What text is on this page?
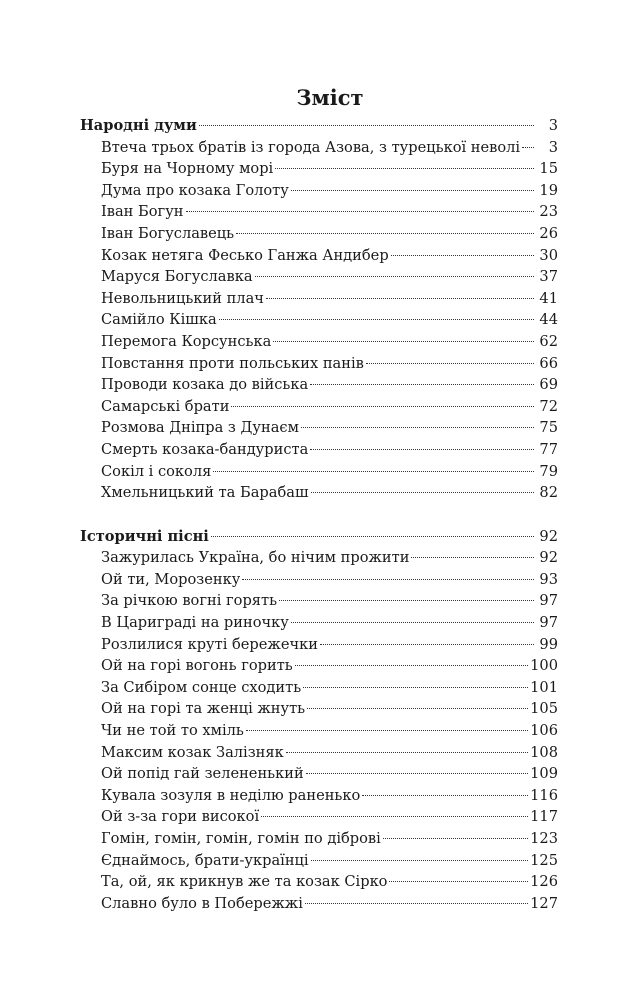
Зміст
Народні думи	3
Втеча трьох братів із города Азова, з турецької неволі	3
Буря на Чорному морі	15
Дума про козака Голоту	19
Іван Богун	23
Іван Богуславець	26
Козак нетяга Фесько Ганжа Андибер	30
Маруся Богуславка	37
Невольницький плач	41
Самійло Кішка	44
Перемога Корсунська	62
Повстання проти польських панів	66
Проводи козака до війська	69
Самарські брати	72
Розмова Дніпра з Дунаєм	75
Смерть козака-бандуриста	77
Сокіл і соколя	79
Хмельницький та Барабаш	82
Історичні пісні	92
Зажурилась Україна, бо нічим прожити	92
Ой ти, Морозенку	93
За річкою вогні горять	97
В Цариграді на риночку	97
Розлилися круті бережечки	99
Ой на горі вогонь горить	100
За Сибіром сонце сходить	101
Ой на горі та женці жнуть	105
Чи не той то хміль	106
Максим козак Залізняк	108
Ой попід гай зелененький	109
Кувала зозуля в неділю раненько	116
Ой з-за гори високої	117
Гомін, гомін, гомін, гомін по діброві	123
Єднаймось, брати-українці	125
Та, ой, як крикнув же та козак Сірко	126
Славно було в Побережжі	127
